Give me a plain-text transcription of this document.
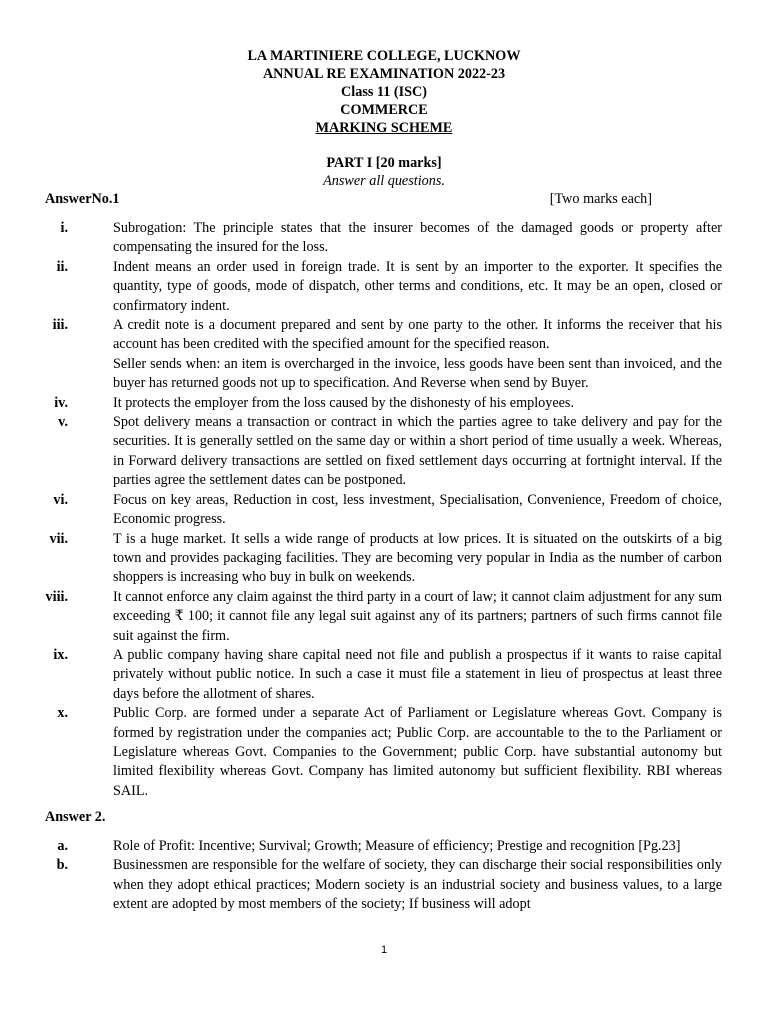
LA MARTINIERE COLLEGE, LUCKNOW
ANNUAL RE EXAMINATION 2022-23
Class 11 (ISC)
COMMERCE
MARKING SCHEME
PART I [20 marks]
Answer all questions.
AnswerNo.1	[Two marks each]
i.	Subrogation: The principle states that the insurer becomes of the damaged goods or property after compensating the insured for the loss.

ii.	Indent means an order used in foreign trade. It is sent by an importer to the exporter. It specifies the quantity, type of goods, mode of dispatch, other terms and conditions, etc. It may be an open, closed or confirmatory indent.

iii.	A credit note is a document prepared and sent by one party to the other. It informs the receiver that his account has been credited with the specified amount for the specified reason.

Seller sends when: an item is overcharged in the invoice, less goods have been sent than invoiced, and the buyer has returned goods not up to specification. And Reverse when send by Buyer.

iv.	It protects the employer from the loss caused by the dishonesty of his employees.

v.	Spot delivery means a transaction or contract in which the parties agree to take delivery and pay for the securities. It is generally settled on the same day or within a short period of time usually a week. Whereas, in Forward delivery transactions are settled on fixed settlement days occurring at fortnight interval. If the parties agree the settlement dates can be postponed.

vi.	Focus on key areas, Reduction in cost, less investment, Specialisation, Convenience, Freedom of choice, Economic progress.

vii.	T is a huge market. It sells a wide range of products at low prices. It is situated on the outskirts of a big town and provides packaging facilities. They are becoming very popular in India as the number of carbon shoppers is increasing who buy in bulk on weekends.

viii.	It cannot enforce any claim against the third party in a court of law; it cannot claim adjustment for any sum exceeding ₹ 100; it cannot file any legal suit against any of its partners; partners of such firms cannot file suit against the firm.

ix.	A public company having share capital need not file and publish a prospectus if it wants to raise capital privately without public notice. In such a case it must file a statement in lieu of prospectus at least three days before the allotment of shares.

x.	Public Corp. are formed under a separate Act of Parliament or Legislature whereas Govt. Company is formed by registration under the companies act; Public Corp. are accountable to the to the Parliament or Legislature whereas Govt. Companies to the Government; public Corp. have substantial autonomy but limited flexibility whereas Govt. Company has limited autonomy but sufficient flexibility. RBI whereas SAIL.

Answer 2.
a.	Role of Profit: Incentive; Survival; Growth; Measure of efficiency; Prestige and recognition [Pg.23]

b.	Businessmen are responsible for the welfare of society, they can discharge their social responsibilities only when they adopt ethical practices; Modern society is an industrial society and business values, to a large extent are adopted by most members of the society; If business will adopt

1
